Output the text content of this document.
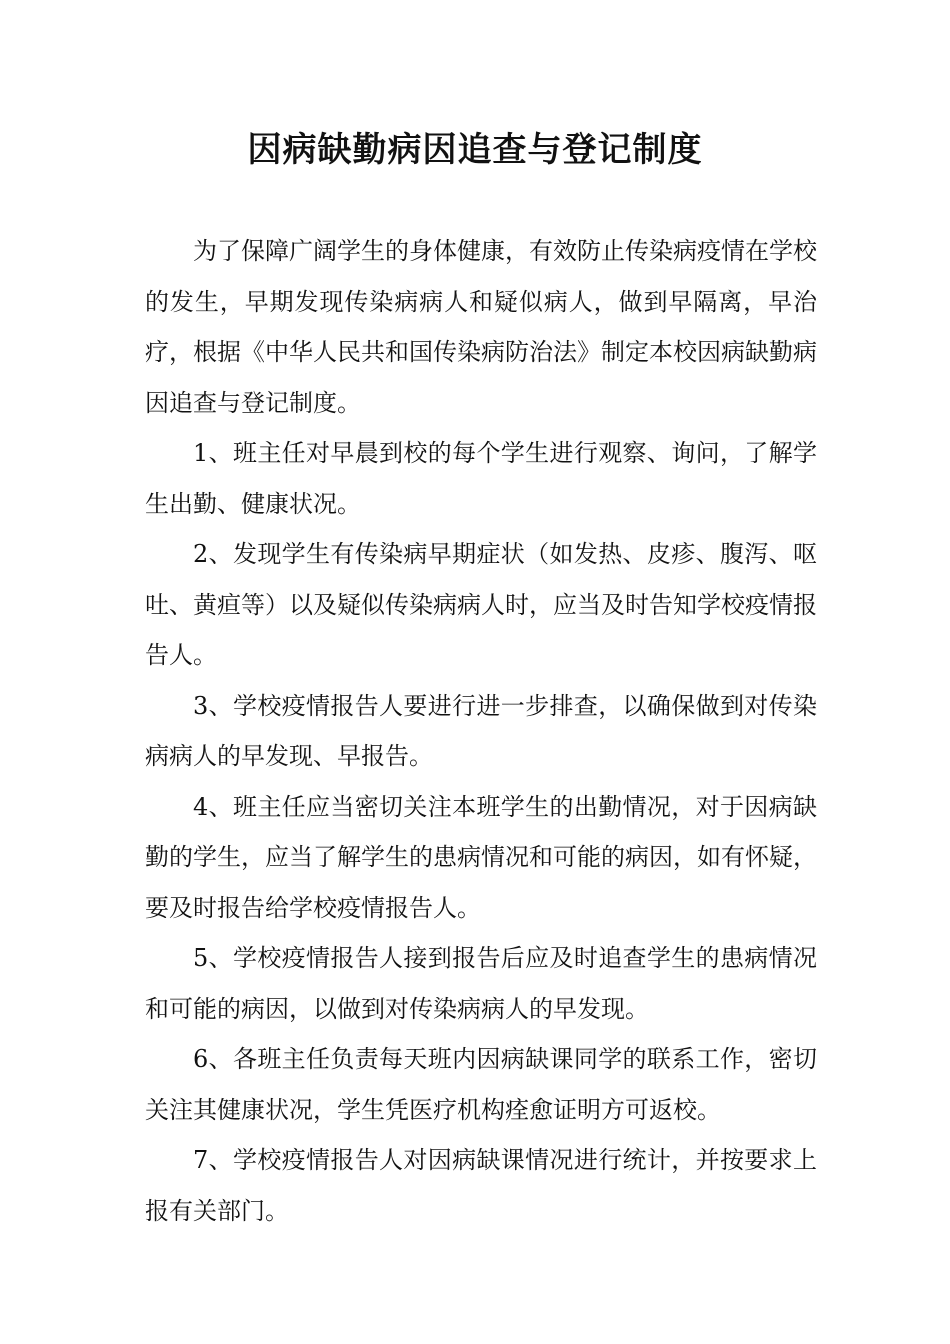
因病缺勤病因追查与登记制度

为了保障广阔学生的身体健康，有效防止传染病疫情在学校的发生，早期发现传染病病人和疑似病人，做到早隔离，早治疗，根据《中华人民共和国传染病防治法》制定本校因病缺勤病因追查与登记制度。

1、班主任对早晨到校的每个学生进行观察、询问，了解学生出勤、健康状况。

2、发现学生有传染病早期症状（如发热、皮疹、腹泻、呕吐、黄疸等）以及疑似传染病病人时，应当及时告知学校疫情报告人。

3、学校疫情报告人要进行进一步排查，以确保做到对传染病病人的早发现、早报告。

4、班主任应当密切关注本班学生的出勤情况，对于因病缺勤的学生，应当了解学生的患病情况和可能的病因，如有怀疑，要及时报告给学校疫情报告人。

5、学校疫情报告人接到报告后应及时追查学生的患病情况和可能的病因，以做到对传染病病人的早发现。

6、各班主任负责每天班内因病缺课同学的联系工作，密切关注其健康状况，学生凭医疗机构痊愈证明方可返校。

7、学校疫情报告人对因病缺课情况进行统计，并按要求上报有关部门。
